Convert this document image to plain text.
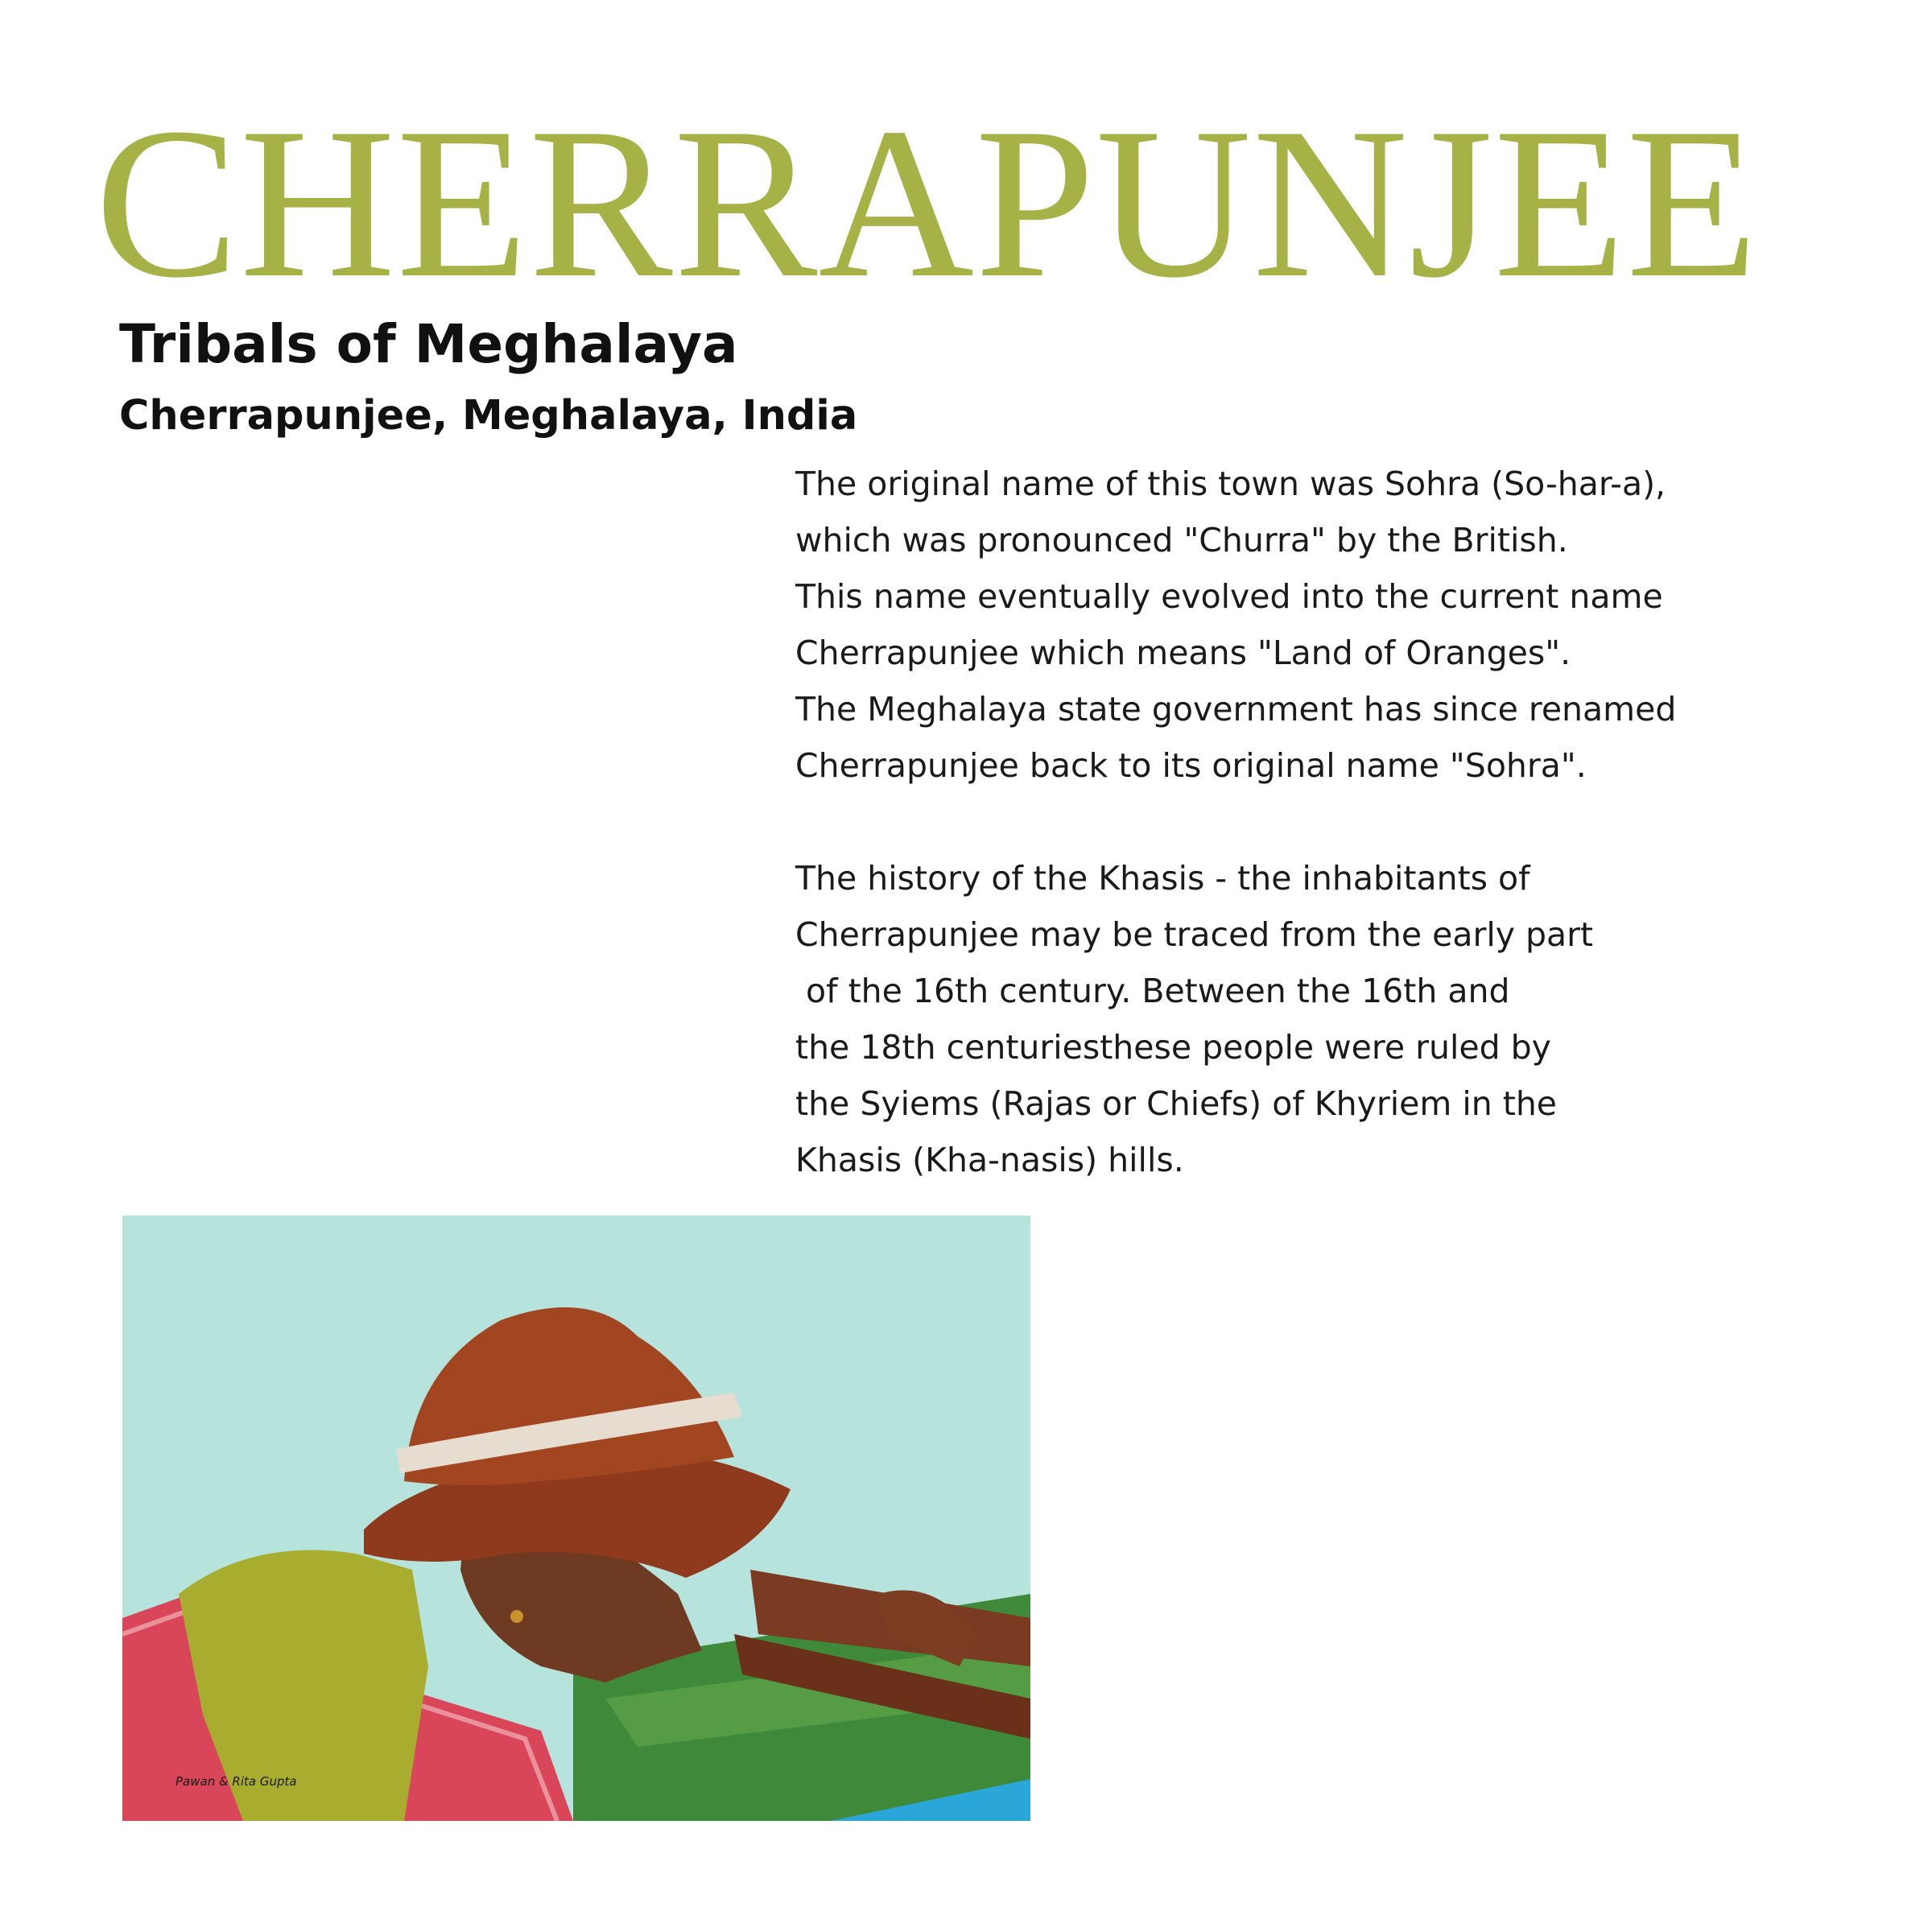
CHERRAPUNJEE
Tribals of Meghalaya
Cherrapunjee, Meghalaya, India

The original name of this town was Sohra (So-har-a),
which was pronounced "Churra" by the British.
This name eventually evolved into the current name
Cherrapunjee which means "Land of Oranges".
The Meghalaya state government has since renamed
Cherrapunjee back to its original name "Sohra".

The history of the Khasis - the inhabitants of
Cherrapunjee may be traced from the early part
of the 16th century. Between the 16th and
the 18th centuriesthese people were ruled by
the Syiems (Rajas or Chiefs) of Khyriem in the
Khasis (Kha-nasis) hills.

Pawan & Rita Gupta
